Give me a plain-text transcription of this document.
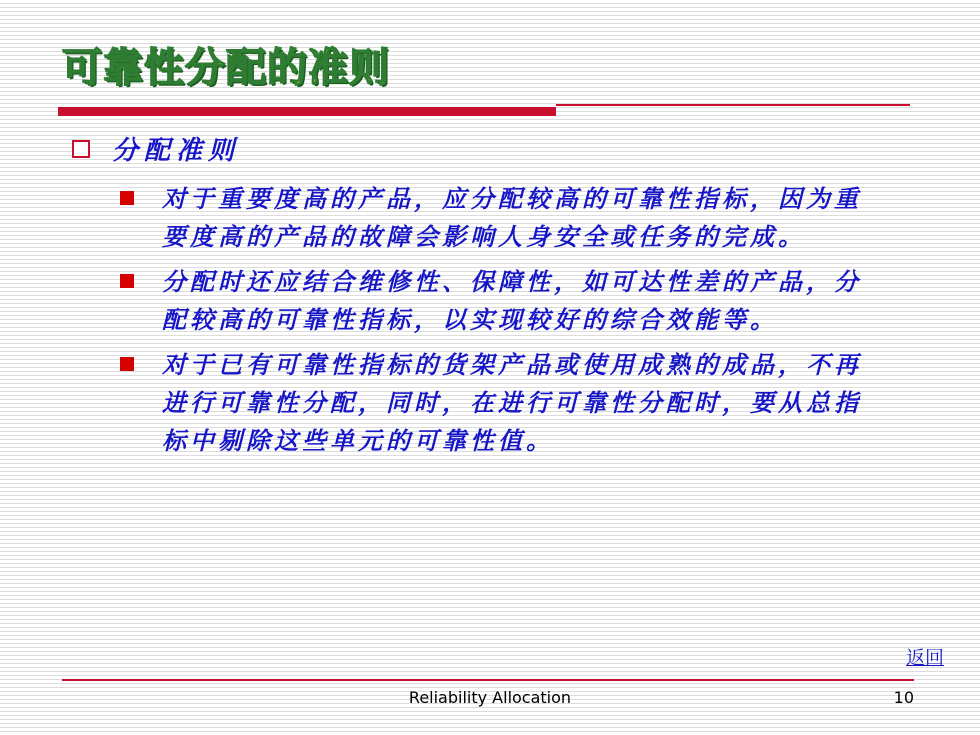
可靠性分配的准则
分配准则
对于重要度高的产品，应分配较高的可靠性指标，因为重要度高的产品的故障会影响人身安全或任务的完成。
分配时还应结合维修性、保障性，如可达性差的产品，分配较高的可靠性指标，以实现较好的综合效能等。
对于已有可靠性指标的货架产品或使用成熟的成品，不再进行可靠性分配，同时，在进行可靠性分配时，要从总指标中剔除这些单元的可靠性值。
返回
Reliability Allocation	10
